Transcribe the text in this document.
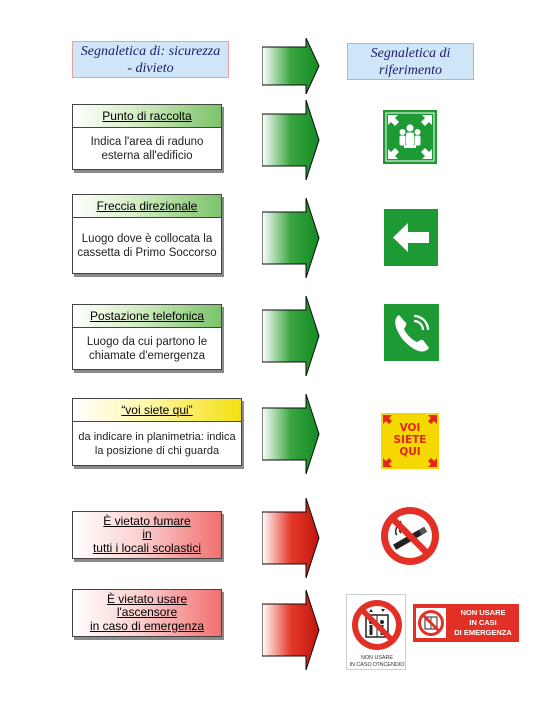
Segnaletica di: sicurezza - divieto
Segnaletica di riferimento
Punto di raccolta
Indica l'area di raduno esterna all'edificio
Freccia direzionale
Luogo dove è collocata la cassetta di Primo Soccorso
Postazione telefonica
Luogo da cui partono le chiamate d'emergenza
“voi siete qui”
da indicare in planimetria: indica la posizione di chi guarda
È vietato fumare
in
tutti i locali scolastici
È vietato usare
l'ascensore
in caso di emergenza
VOI
SIETE
QUI
NON USARE
IN CASO D'INCENDIO
NON USARE
IN CASI
DI EMERGENZA
